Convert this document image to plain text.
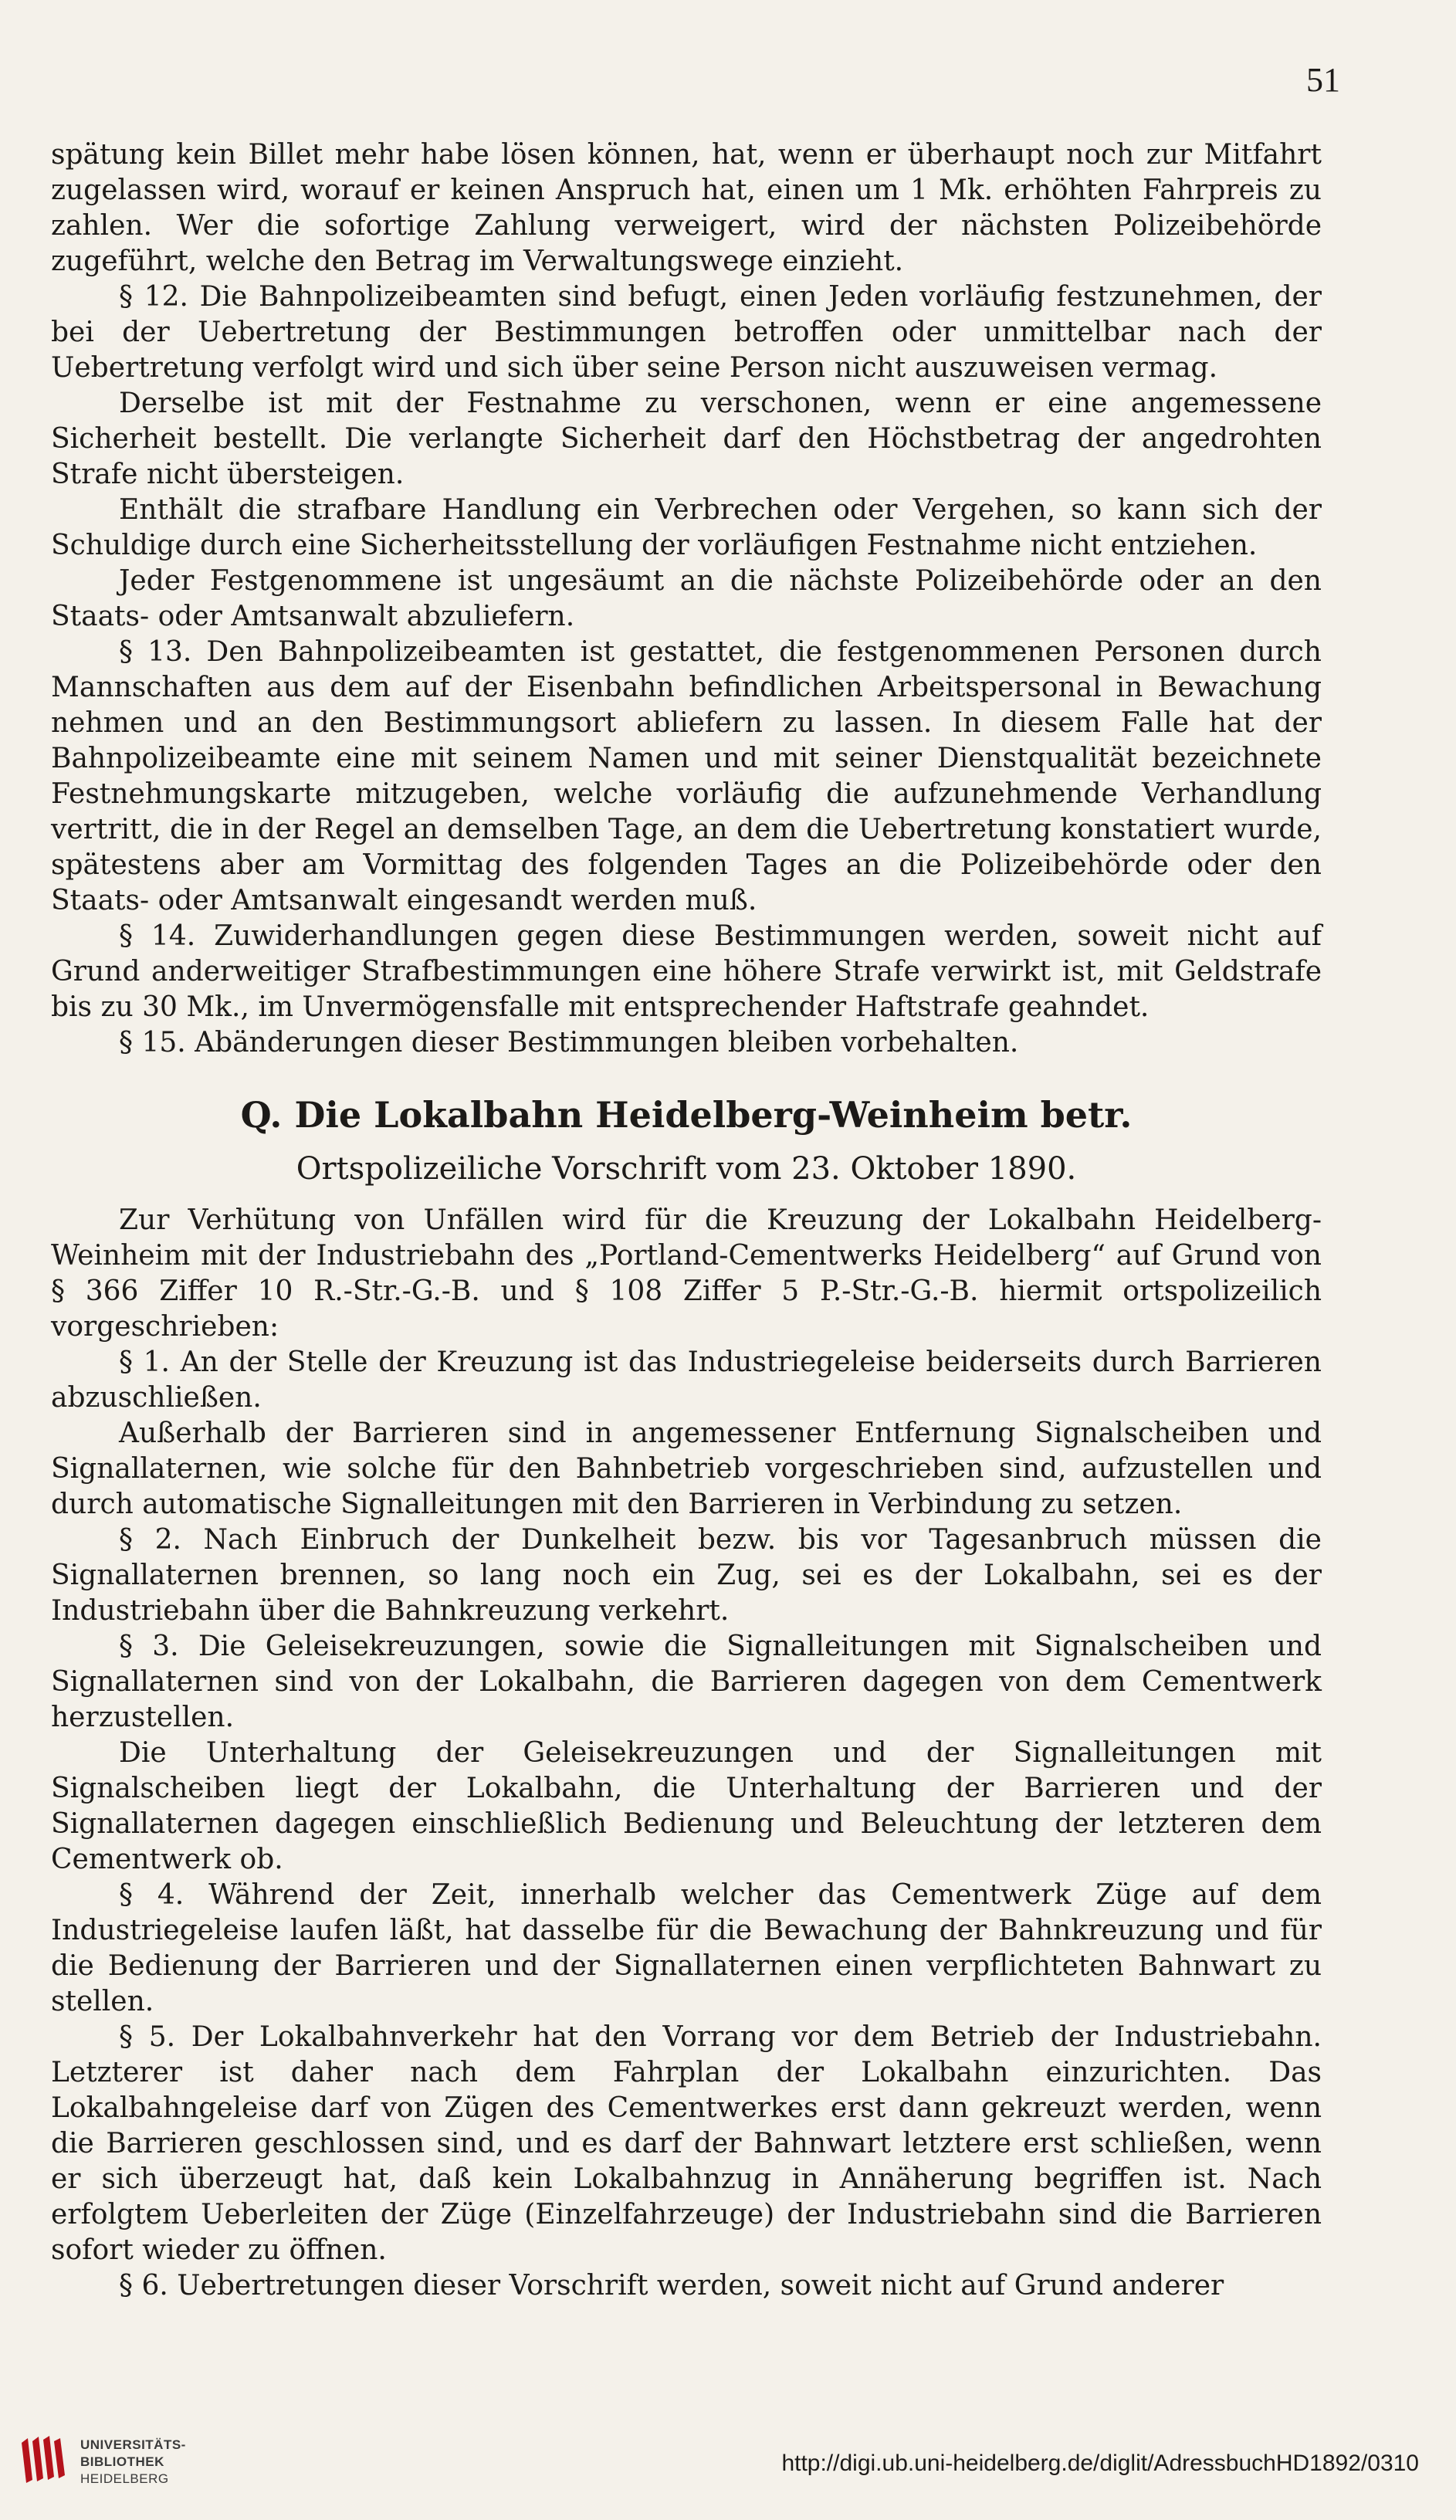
51

spätung kein Billet mehr habe lösen können, hat, wenn er überhaupt noch zur Mitfahrt zugelassen wird, worauf er keinen Anspruch hat, einen um 1 Mk. erhöhten Fahrpreis zu zahlen. Wer die sofortige Zahlung verweigert, wird der nächsten Polizeibehörde zugeführt, welche den Betrag im Verwaltungswege einzieht.

§ 12. Die Bahnpolizeibeamten sind befugt, einen Jeden vorläufig festzunehmen, der bei der Uebertretung der Bestimmungen betroffen oder unmittelbar nach der Uebertretung verfolgt wird und sich über seine Person nicht auszuweisen vermag.

Derselbe ist mit der Festnahme zu verschonen, wenn er eine angemessene Sicherheit bestellt. Die verlangte Sicherheit darf den Höchstbetrag der angedrohten Strafe nicht übersteigen.

Enthält die strafbare Handlung ein Verbrechen oder Vergehen, so kann sich der Schuldige durch eine Sicherheitsstellung der vorläufigen Festnahme nicht entziehen.

Jeder Festgenommene ist ungesäumt an die nächste Polizeibehörde oder an den Staats- oder Amtsanwalt abzuliefern.

§ 13. Den Bahnpolizeibeamten ist gestattet, die festgenommenen Personen durch Mannschaften aus dem auf der Eisenbahn befindlichen Arbeitspersonal in Bewachung nehmen und an den Bestimmungsort abliefern zu lassen. In diesem Falle hat der Bahnpolizeibeamte eine mit seinem Namen und mit seiner Dienstqualität bezeichnete Festnehmungskarte mitzugeben, welche vorläufig die aufzunehmende Verhandlung vertritt, die in der Regel an demselben Tage, an dem die Uebertretung konstatiert wurde, spätestens aber am Vormittag des folgenden Tages an die Polizeibehörde oder den Staats- oder Amtsanwalt eingesandt werden muß.

§ 14. Zuwiderhandlungen gegen diese Bestimmungen werden, soweit nicht auf Grund anderweitiger Strafbestimmungen eine höhere Strafe verwirkt ist, mit Geldstrafe bis zu 30 Mk., im Unvermögensfalle mit entsprechender Haftstrafe geahndet.

§ 15. Abänderungen dieser Bestimmungen bleiben vorbehalten.

Q. Die Lokalbahn Heidelberg-Weinheim betr.

Ortspolizeiliche Vorschrift vom 23. Oktober 1890.

Zur Verhütung von Unfällen wird für die Kreuzung der Lokalbahn Heidelberg-Weinheim mit der Industriebahn des „Portland-Cementwerks Heidelberg“ auf Grund von § 366 Ziffer 10 R.-Str.-G.-B. und § 108 Ziffer 5 P.-Str.-G.-B. hiermit ortspolizeilich vorgeschrieben:

§ 1. An der Stelle der Kreuzung ist das Industriegeleise beiderseits durch Barrieren abzuschließen.

Außerhalb der Barrieren sind in angemessener Entfernung Signalscheiben und Signallaternen, wie solche für den Bahnbetrieb vorgeschrieben sind, aufzustellen und durch automatische Signalleitungen mit den Barrieren in Verbindung zu setzen.

§ 2. Nach Einbruch der Dunkelheit bezw. bis vor Tagesanbruch müssen die Signallaternen brennen, so lang noch ein Zug, sei es der Lokalbahn, sei es der Industriebahn über die Bahnkreuzung verkehrt.

§ 3. Die Geleisekreuzungen, sowie die Signalleitungen mit Signalscheiben und Signallaternen sind von der Lokalbahn, die Barrieren dagegen von dem Cementwerk herzustellen.

Die Unterhaltung der Geleisekreuzungen und der Signalleitungen mit Signalscheiben liegt der Lokalbahn, die Unterhaltung der Barrieren und der Signallaternen dagegen einschließlich Bedienung und Beleuchtung der letzteren dem Cementwerk ob.

§ 4. Während der Zeit, innerhalb welcher das Cementwerk Züge auf dem Industriegeleise laufen läßt, hat dasselbe für die Bewachung der Bahnkreuzung und für die Bedienung der Barrieren und der Signallaternen einen verpflichteten Bahnwart zu stellen.

§ 5. Der Lokalbahnverkehr hat den Vorrang vor dem Betrieb der Industriebahn. Letzterer ist daher nach dem Fahrplan der Lokalbahn einzurichten. Das Lokalbahngeleise darf von Zügen des Cementwerkes erst dann gekreuzt werden, wenn die Barrieren geschlossen sind, und es darf der Bahnwart letztere erst schließen, wenn er sich überzeugt hat, daß kein Lokalbahnzug in Annäherung begriffen ist. Nach erfolgtem Ueberleiten der Züge (Einzelfahrzeuge) der Industriebahn sind die Barrieren sofort wieder zu öffnen.

§ 6. Uebertretungen dieser Vorschrift werden, soweit nicht auf Grund anderer

UNIVERSITÄTS-
BIBLIOTHEK
HEIDELBERG
http://digi.ub.uni-heidelberg.de/diglit/AdressbuchHD1892/0310
